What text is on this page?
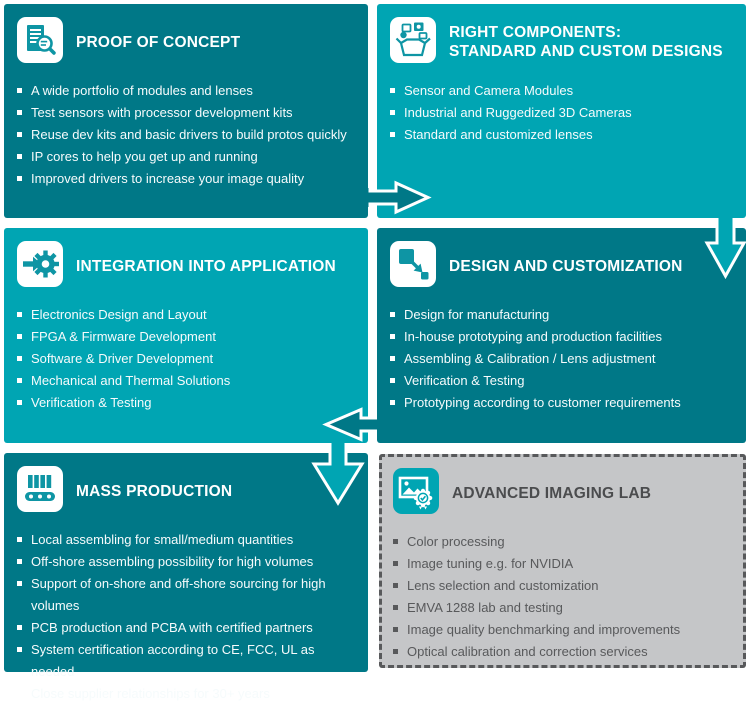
PROOF OF CONCEPT
A wide portfolio of modules and lenses
Test sensors with processor development kits
Reuse dev kits and basic drivers to build protos quickly
IP cores to help you get up and running
Improved drivers to increase your image quality
RIGHT COMPONENTS:
STANDARD AND CUSTOM DESIGNS
Sensor and Camera Modules
Industrial and Ruggedized 3D Cameras
Standard and customized lenses
INTEGRATION INTO APPLICATION
Electronics Design and Layout
FPGA & Firmware Development
Software & Driver Development
Mechanical and Thermal Solutions
Verification & Testing
DESIGN AND CUSTOMIZATION
Design for manufacturing
In-house prototyping and production facilities
Assembling & Calibration / Lens adjustment
Verification & Testing
Prototyping according to customer requirements
MASS PRODUCTION
Local assembling for small/medium quantities
Off-shore assembling possibility for high volumes
Support of on-shore and off-shore sourcing for high volumes
PCB production and PCBA with certified partners
System certification according to CE, FCC, UL as needed
Close supplier relationships for 30+ years
ADVANCED IMAGING LAB
Color processing
Image tuning e.g. for NVIDIA
Lens selection and customization
EMVA 1288 lab and testing
Image quality benchmarking and improvements
Optical calibration and correction services
